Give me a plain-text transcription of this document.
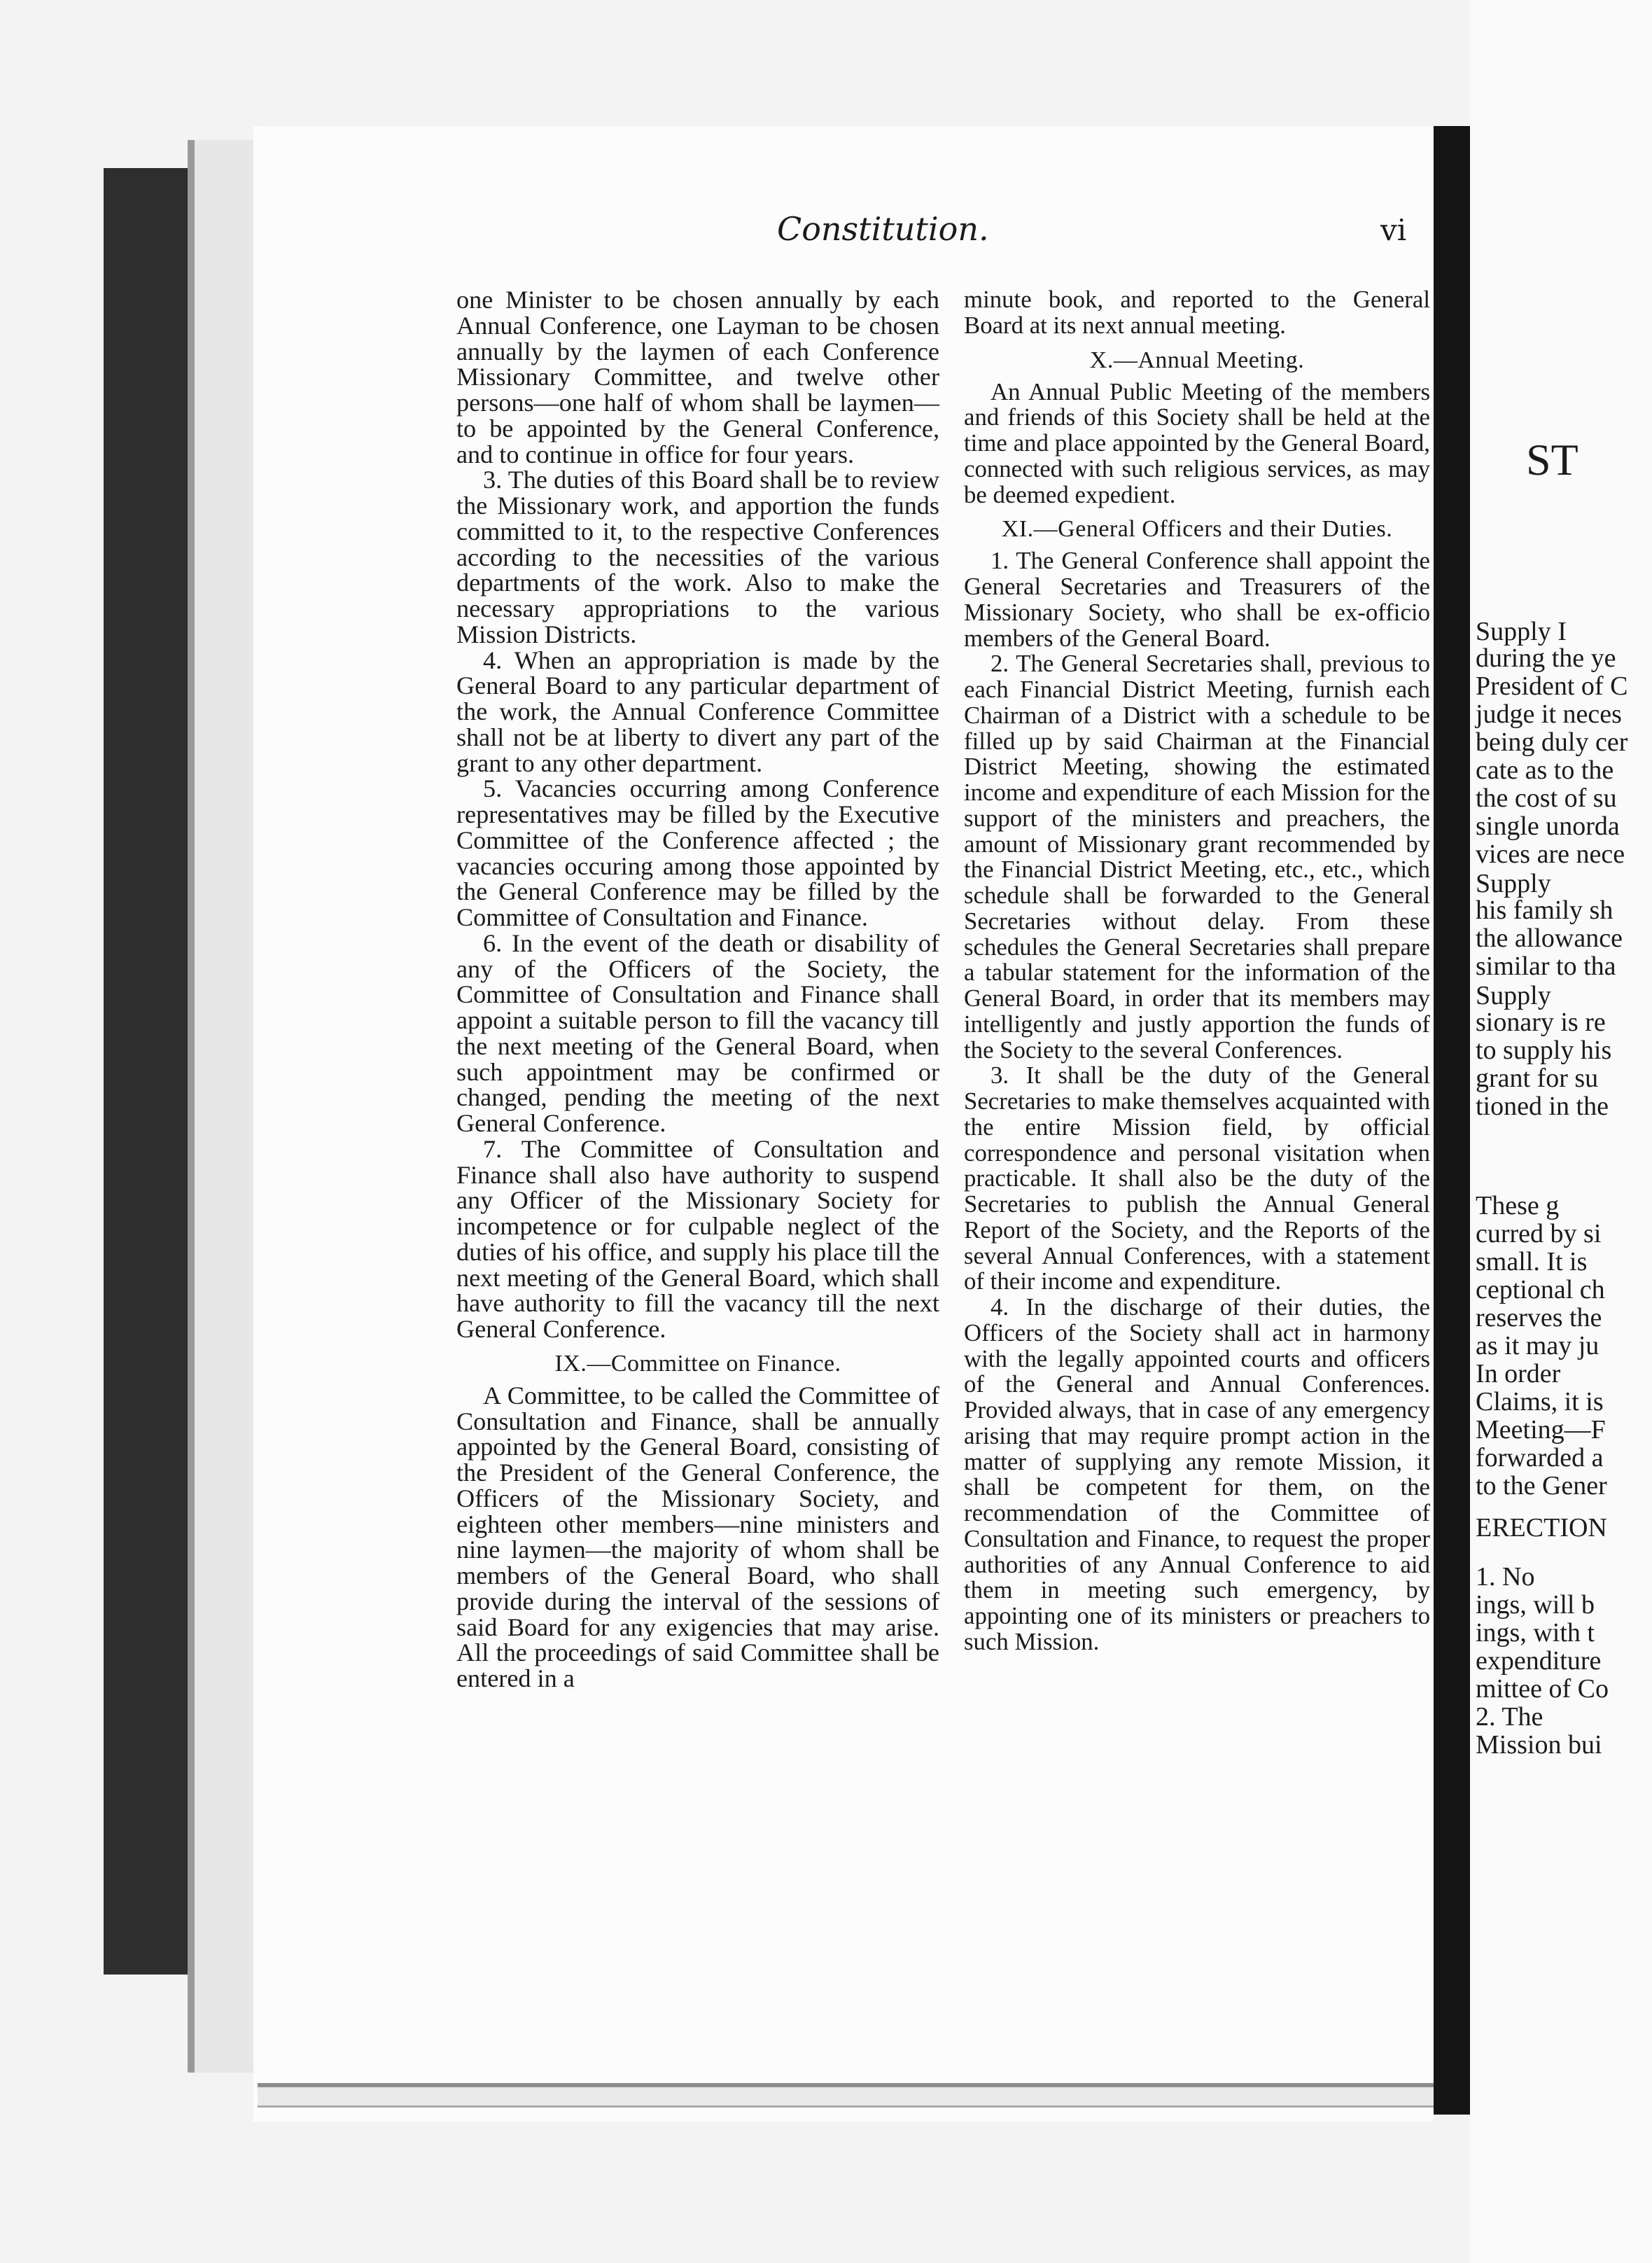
Constitution.	vi

one Minister to be chosen annually by each Annual Conference, one Layman to be chosen annually by the laymen of each Conference Missionary Committee, and twelve other persons—one half of whom shall be laymen—to be appointed by the General Conference, and to continue in office for four years.

3. The duties of this Board shall be to review the Missionary work, and apportion the funds committed to it, to the respective Conferences according to the necessities of the various departments of the work. Also to make the necessary appropriations to the various Mission Districts.

4. When an appropriation is made by the General Board to any particular department of the work, the Annual Conference Committee shall not be at liberty to divert any part of the grant to any other department.

5. Vacancies occurring among Conference representatives may be filled by the Executive Committee of the Conference affected ; the vacancies occuring among those appointed by the General Conference may be filled by the Committee of Consultation and Finance.

6. In the event of the death or disability of any of the Officers of the Society, the Committee of Consultation and Finance shall appoint a suitable person to fill the vacancy till the next meeting of the General Board, when such appointment may be confirmed or changed, pending the meeting of the next General Conference.

7. The Committee of Consultation and Finance shall also have authority to suspend any Officer of the Missionary Society for incompetence or for culpable neglect of the duties of his office, and supply his place till the next meeting of the General Board, which shall have authority to fill the vacancy till the next General Conference.

IX.—Committee on Finance.

A Committee, to be called the Committee of Consultation and Finance, shall be annually appointed by the General Board, consisting of the President of the General Conference, the Officers of the Missionary Society, and eighteen other members—nine ministers and nine laymen—the majority of whom shall be members of the General Board, who shall provide during the interval of the sessions of said Board for any exigencies that may arise. All the proceedings of said Committee shall be entered in a

minute book, and reported to the General Board at its next annual meeting.

X.—Annual Meeting.

An Annual Public Meeting of the members and friends of this Society shall be held at the time and place appointed by the General Board, connected with such religious services, as may be deemed expedient.

XI.—General Officers and their Duties.

1. The General Conference shall appoint the General Secretaries and Treasurers of the Missionary Society, who shall be ex-officio members of the General Board.

2. The General Secretaries shall, previous to each Financial District Meeting, furnish each Chairman of a District with a schedule to be filled up by said Chairman at the Financial District Meeting, showing the estimated income and expenditure of each Mission for the support of the ministers and preachers, the amount of Missionary grant recommended by the Financial District Meeting, etc., etc., which schedule shall be forwarded to the General Secretaries without delay. From these schedules the General Secretaries shall prepare a tabular statement for the information of the General Board, in order that its members may intelligently and justly apportion the funds of the Society to the several Conferences.

3. It shall be the duty of the General Secretaries to make themselves acquainted with the entire Mission field, by official correspondence and personal visitation when practicable. It shall also be the duty of the Secretaries to publish the Annual General Report of the Society, and the Reports of the several Annual Conferences, with a statement of their income and expenditure.

4. In the discharge of their duties, the Officers of the Society shall act in harmony with the legally appointed courts and officers of the General and Annual Conferences. Provided always, that in case of any emergency arising that may require prompt action in the matter of supplying any remote Mission, it shall be competent for them, on the recommendation of the Committee of Consultation and Finance, to request the proper authorities of any Annual Conference to aid them in meeting such emergency, by appointing one of its ministers or preachers to such Mission.

ST
Supply I
during the ye
President of C
judge it neces
being duly cer
cate as to the
the cost of su
single unorda
vices are nece
Supply
his family sh
the allowance
similar to tha
Supply
sionary is re
to supply his
grant for su
tioned in the
These g
curred by si
small. It is
ceptional ch
reserves the
as it may ju
In order
Claims, it is
Meeting—F
forwarded a
to the Gener
ERECTION
1. No
ings, will b
ings, with t
expenditure
mittee of Co
2. The
Mission bui
